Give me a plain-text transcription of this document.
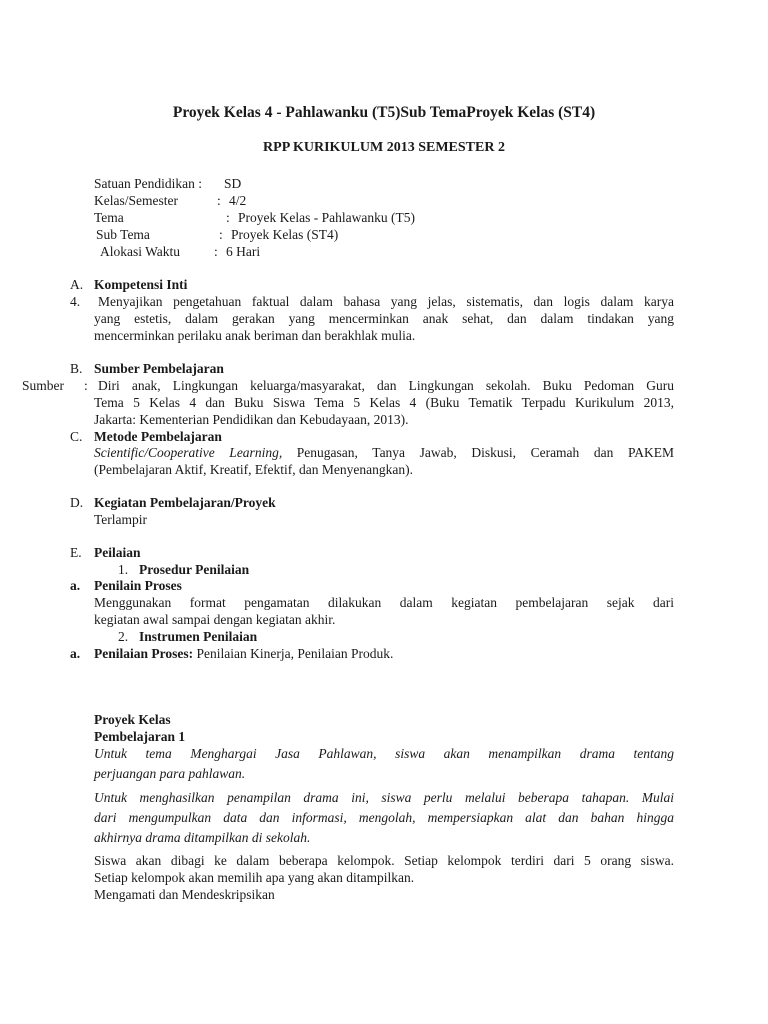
Proyek Kelas 4 - Pahlawanku (T5)Sub TemaProyek Kelas (ST4)
RPP KURIKULUM 2013 SEMESTER 2
Satuan Pendidikan : SD
Kelas/Semester	: 4/2
Tema	: Proyek Kelas - Pahlawanku (T5)
Sub Tema	: Proyek Kelas (ST4)
Alokasi Waktu	: 6 Hari
A. Kompetensi Inti
4. Menyajikan pengetahuan faktual dalam bahasa yang jelas, sistematis, dan logis dalam karya
yang estetis, dalam gerakan yang mencerminkan anak sehat, dan dalam tindakan yang
mencerminkan perilaku anak beriman dan berakhlak mulia.
B. Sumber Pembelajaran
Sumber : Diri anak, Lingkungan keluarga/masyarakat, dan Lingkungan sekolah. Buku Pedoman Guru
Tema 5 Kelas 4 dan Buku Siswa Tema 5 Kelas 4 (Buku Tematik Terpadu Kurikulum 2013,
Jakarta: Kementerian Pendidikan dan Kebudayaan, 2013).
C. Metode Pembelajaran
Scientific/Cooperative Learning, Penugasan, Tanya Jawab, Diskusi, Ceramah dan PAKEM
(Pembelajaran Aktif, Kreatif, Efektif, dan Menyenangkan).
D. Kegiatan Pembelajaran/Proyek
Terlampir
E. Peilaian
1. Prosedur Penilaian
a. Penilain Proses
Menggunakan format pengamatan dilakukan dalam kegiatan pembelajaran sejak dari
kegiatan awal sampai dengan kegiatan akhir.
2. Instrumen Penilaian
a. Penilaian Proses: Penilaian Kinerja, Penilaian Produk.
Proyek Kelas
Pembelajaran 1
Untuk tema Menghargai Jasa Pahlawan, siswa akan menampilkan drama tentang
perjuangan para pahlawan.
Untuk menghasilkan penampilan drama ini, siswa perlu melalui beberapa tahapan. Mulai
dari mengumpulkan data dan informasi, mengolah, mempersiapkan alat dan bahan hingga
akhirnya drama ditampilkan di sekolah.
Siswa akan dibagi ke dalam beberapa kelompok. Setiap kelompok terdiri dari 5 orang siswa.
Setiap kelompok akan memilih apa yang akan ditampilkan.
Mengamati dan Mendeskripsikan
